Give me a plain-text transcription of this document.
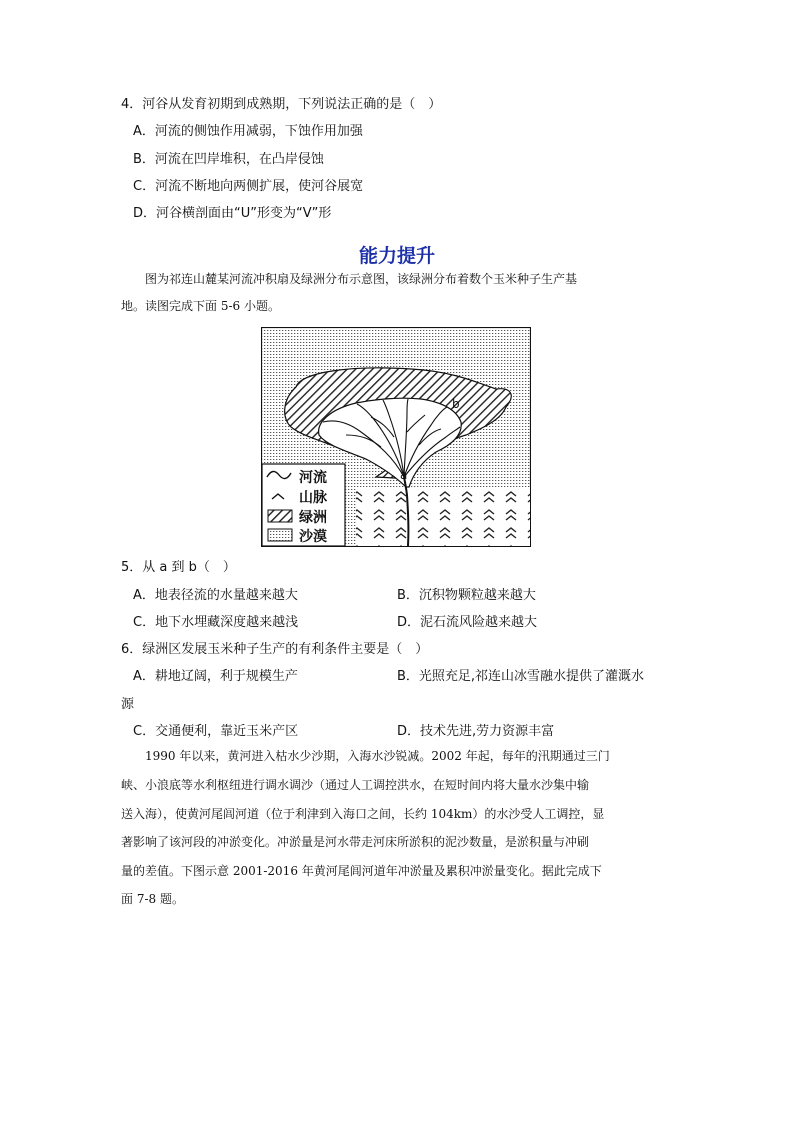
4．河谷从发育初期到成熟期，下列说法正确的是（　）
A．河流的侧蚀作用减弱，下蚀作用加强
B．河流在凹岸堆积，在凸岸侵蚀
C．河流不断地向两侧扩展，使河谷展宽
D．河谷横剖面由“U”形变为“V”形
能力提升
图为祁连山麓某河流冲积扇及绿洲分布示意图，该绿洲分布着数个玉米种子生产基
地。读图完成下面 5-6 小题。
a
b
河流
山脉
绿洲
沙漠
5．从 a 到 b（　）
A．地表径流的水量越来越大	B．沉积物颗粒越来越大
C．地下水埋藏深度越来越浅	D．泥石流风险越来越大
6．绿洲区发展玉米种子生产的有利条件主要是（　）
A．耕地辽阔，利于规模生产	B．光照充足,祁连山冰雪融水提供了灌溉水
源
C．交通便利，靠近玉米产区	D．技术先进,劳力资源丰富
1990 年以来，黄河进入枯水少沙期，入海水沙锐减。2002 年起，每年的汛期通过三门
峡、小浪底等水利枢纽进行调水调沙（通过人工调控洪水，在短时间内将大量水沙集中输
送入海），使黄河尾闾河道（位于利津到入海口之间，长约 104km）的水沙受人工调控，显
著影响了该河段的冲淤变化。冲淤量是河水带走河床所淤积的泥沙数量，是淤积量与冲刷
量的差值。下图示意 2001-2016 年黄河尾闾河道年冲淤量及累积冲淤量变化。据此完成下
面 7-8 题。
